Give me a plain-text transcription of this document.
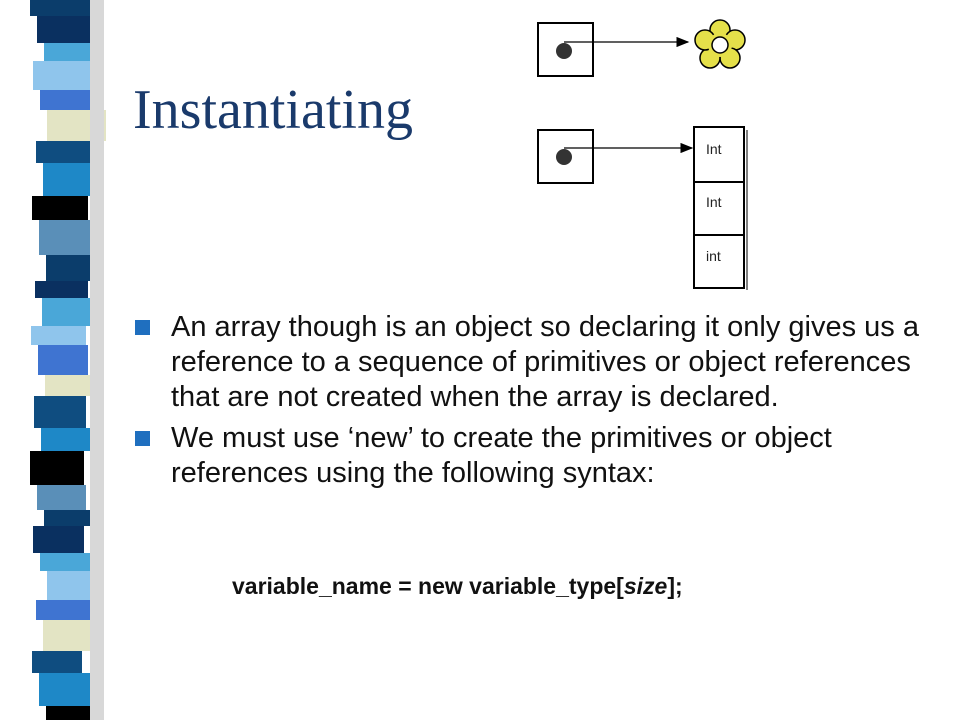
Instantiating
Int
Int
int
An array though is an object so declaring it only gives us a reference to a sequence of primitives or object references that are not created when the array is declared.
We must use ‘new’ to create the primitives or object references using the following syntax:
variable_name = new variable_type[size];
